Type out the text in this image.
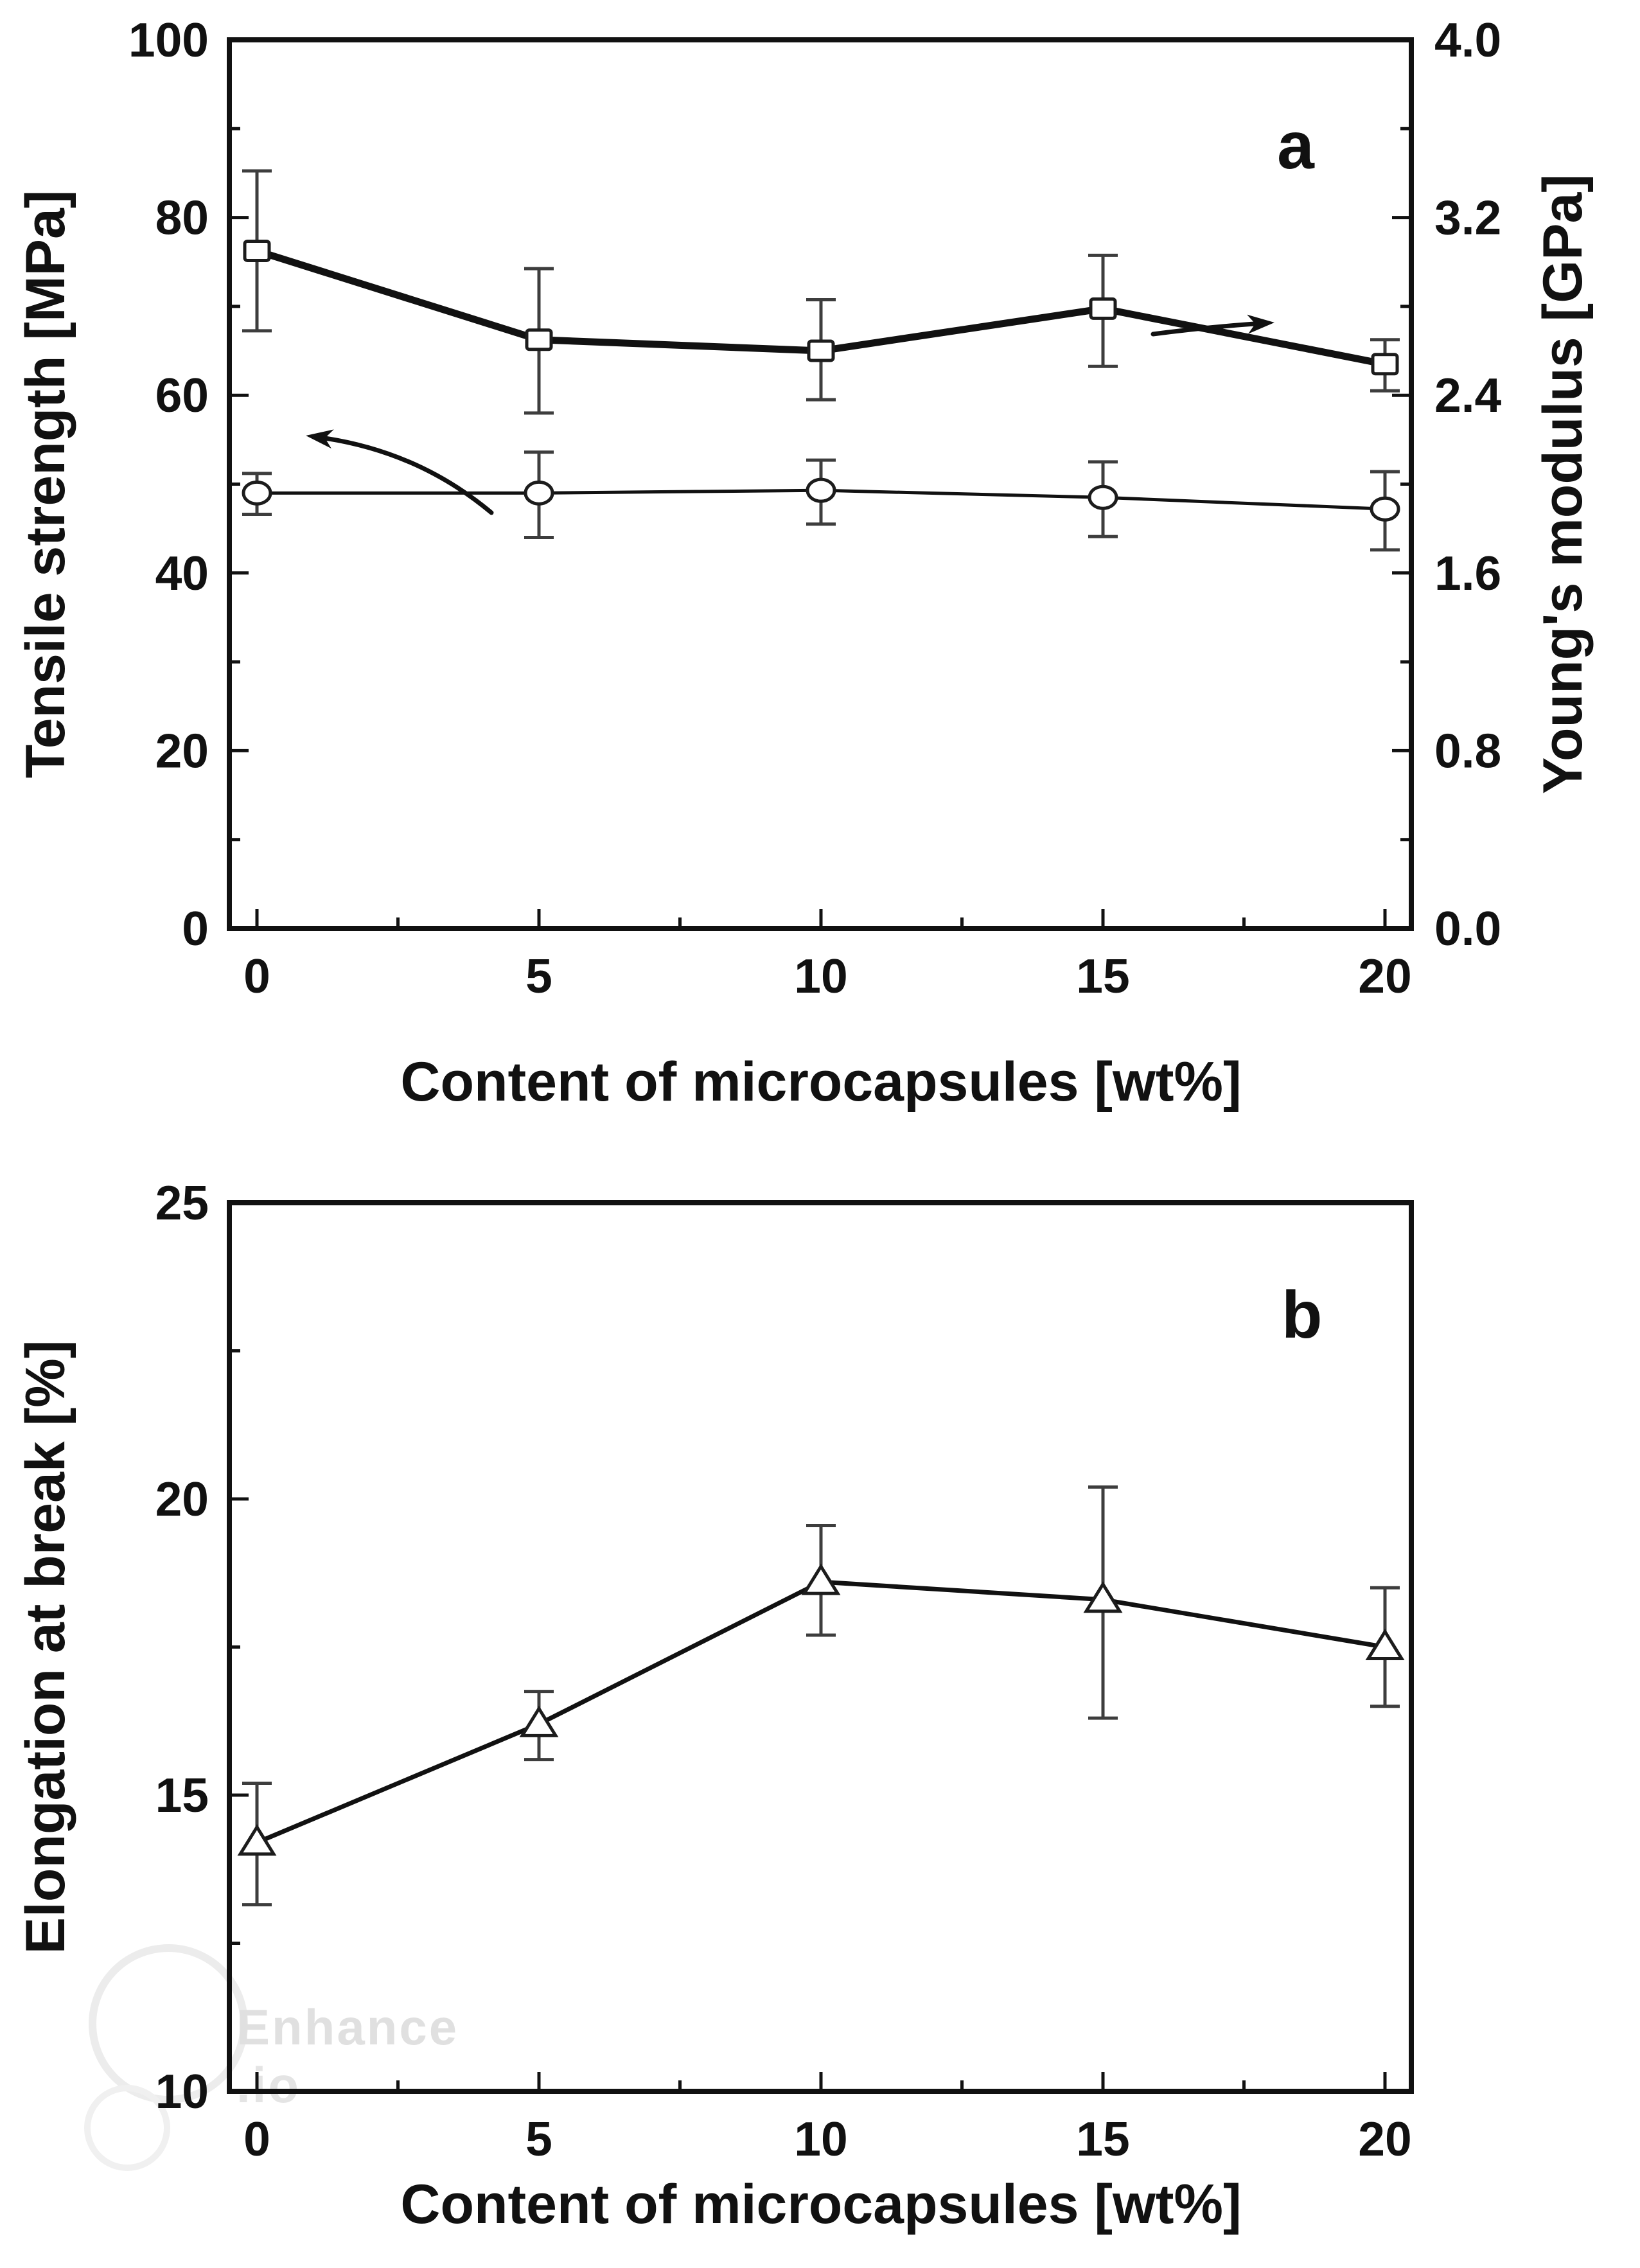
Enhance
.io
0
20
40
60
80
100
Tensile strength [MPa]
0.0
0.8
1.6
2.4
3.2
4.0
Young's modulus [GPa]
0	5	10	15	20
Content of microcapsules [wt%]
a
10
15
20
25
Elongation at break [%]
0	5	10	15	20
Content of microcapsules [wt%]
b
